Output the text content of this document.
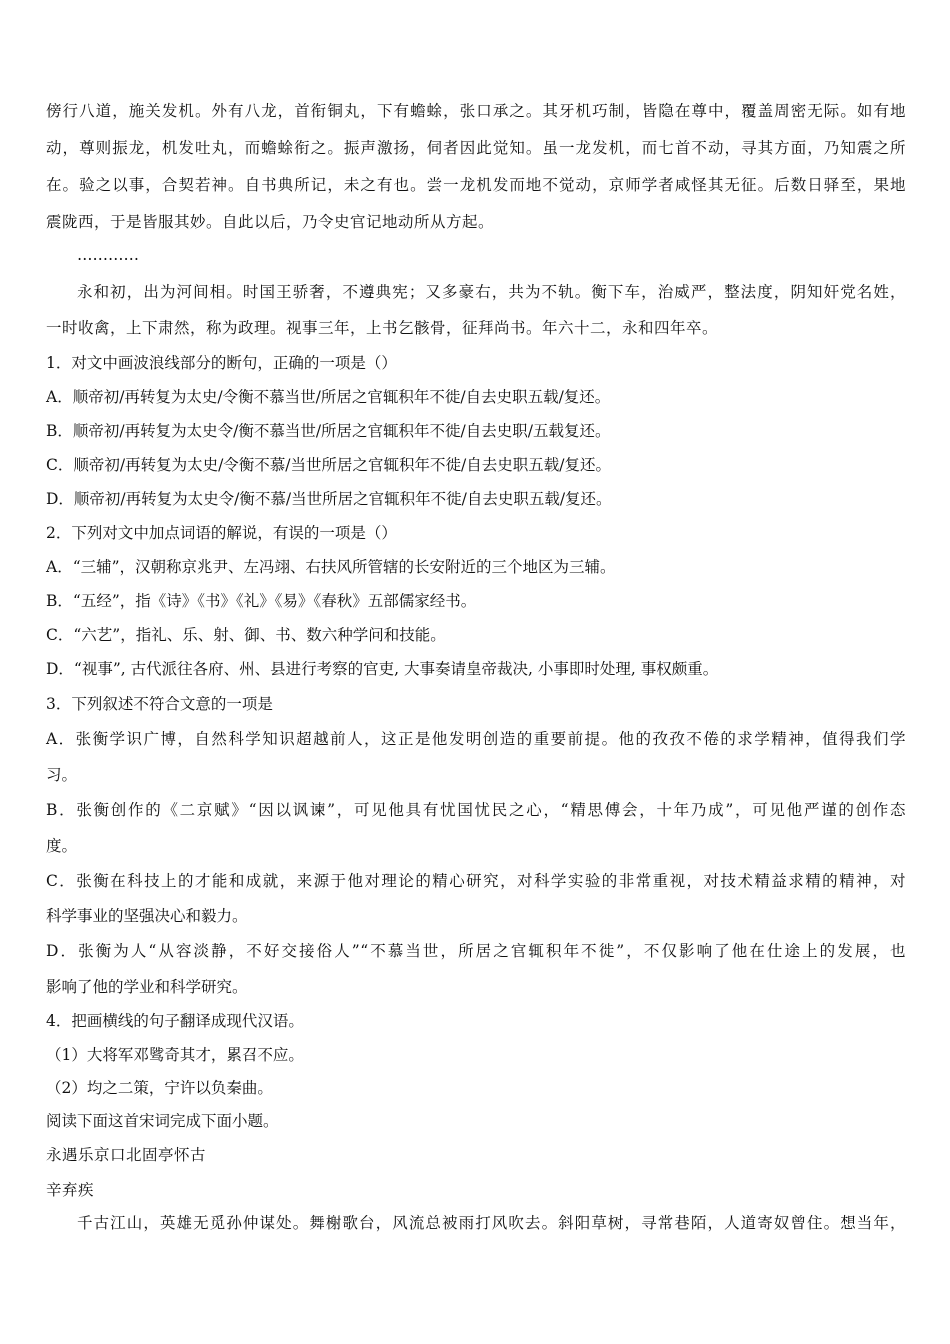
傍行八道，施关发机。外有八龙，首衔铜丸，下有蟾蜍，张口承之。其牙机巧制，皆隐在尊中，覆盖周密无际。如有地
动，尊则振龙，机发吐丸，而蟾蜍衔之。振声激扬，伺者因此觉知。虽一龙发机，而七首不动，寻其方面，乃知震之所
在。验之以事，合契若神。自书典所记，未之有也。尝一龙机发而地不觉动，京师学者咸怪其无征。后数日驿至，果地
震陇西，于是皆服其妙。自此以后，乃令史官记地动所从方起。
…………
永和初，出为河间相。时国王骄奢，不遵典宪；又多豪右，共为不轨。衡下车，治威严，整法度，阴知奸党名姓，
一时收禽，上下肃然，称为政理。视事三年，上书乞骸骨，征拜尚书。年六十二，永和四年卒。
1．对文中画波浪线部分的断句，正确的一项是（）
A．顺帝初/再转复为太史/令衡不慕当世/所居之官辄积年不徙/自去史职五载/复还。
B．顺帝初/再转复为太史令/衡不慕当世/所居之官辄积年不徙/自去史职/五载复还。
C．顺帝初/再转复为太史/令衡不慕/当世所居之官辄积年不徙/自去史职五载/复还。
D．顺帝初/再转复为太史令/衡不慕/当世所居之官辄积年不徙/自去史职五载/复还。
2．下列对文中加点词语的解说，有误的一项是（）
A．“三辅”，汉朝称京兆尹、左冯翊、右扶风所管辖的长安附近的三个地区为三辅。
B．“五经”，指《诗》《书》《礼》《易》《春秋》五部儒家经书。
C．“六艺”，指礼、乐、射、御、书、数六种学问和技能。
D．“视事”, 古代派往各府、州、县进行考察的官吏, 大事奏请皇帝裁决, 小事即时处理, 事权颇重。
3．下列叙述不符合文意的一项是
A．张衡学识广博，自然科学知识超越前人，这正是他发明创造的重要前提。他的孜孜不倦的求学精神，值得我们学
习。
B．张衡创作的《二京赋》“因以讽谏”，可见他具有忧国忧民之心，“精思傅会，十年乃成”，可见他严谨的创作态
度。
C．张衡在科技上的才能和成就，来源于他对理论的精心研究，对科学实验的非常重视，对技术精益求精的精神，对
科学事业的坚强决心和毅力。
D．张衡为人“从容淡静，不好交接俗人”“不慕当世，所居之官辄积年不徙”，不仅影响了他在仕途上的发展，也
影响了他的学业和科学研究。
4．把画横线的句子翻译成现代汉语。
（1）大将军邓骘奇其才，累召不应。
（2）均之二策，宁许以负秦曲。
阅读下面这首宋词完成下面小题。
永遇乐京口北固亭怀古
辛弃疾
千古江山，英雄无觅孙仲谋处。舞榭歌台，风流总被雨打风吹去。斜阳草树，寻常巷陌，人道寄奴曾住。想当年，
